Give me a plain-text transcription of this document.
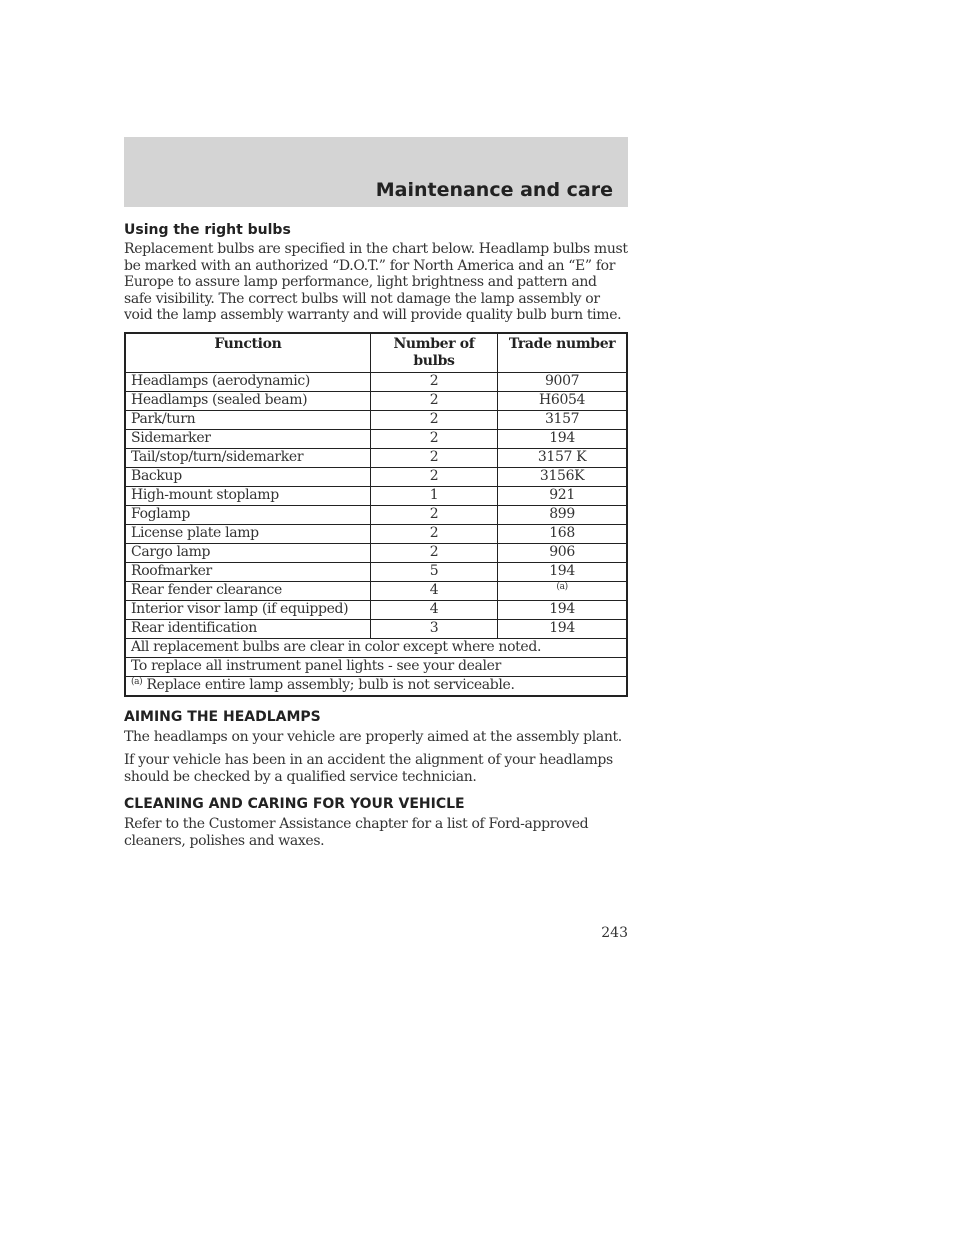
Maintenance and care
Using the right bulbs

Replacement bulbs are specified in the chart below. Headlamp bulbs must be marked with an authorized “D.O.T.” for North America and an “E” for Europe to assure lamp performance, light brightness and pattern and safe visibility. The correct bulbs will not damage the lamp assembly or void the lamp assembly warranty and will provide quality bulb burn time.

Function	Number of bulbs	Trade number
Headlamps (aerodynamic)	2	9007
Headlamps (sealed beam)	2	H6054
Park/turn	2	3157
Sidemarker	2	194
Tail/stop/turn/sidemarker	2	3157 K
Backup	2	3156K
High-mount stoplamp	1	921
Foglamp	2	899
License plate lamp	2	168
Cargo lamp	2	906
Roofmarker	5	194
Rear fender clearance	4	$^{(a)}$
Interior visor lamp (if equipped)	4	194
Rear identification	3	194
All replacement bulbs are clear in color except where noted.		
To replace all instrument panel lights - see your dealer		
$^{(a)}$ Replace entire lamp assembly; bulb is not serviceable.		
AIMING THE HEADLAMPS

The headlamps on your vehicle are properly aimed at the assembly plant.

If your vehicle has been in an accident the alignment of your headlamps should be checked by a qualified service technician.

CLEANING AND CARING FOR YOUR VEHICLE

Refer to the Customer Assistance chapter for a list of Ford-approved cleaners, polishes and waxes.

243
